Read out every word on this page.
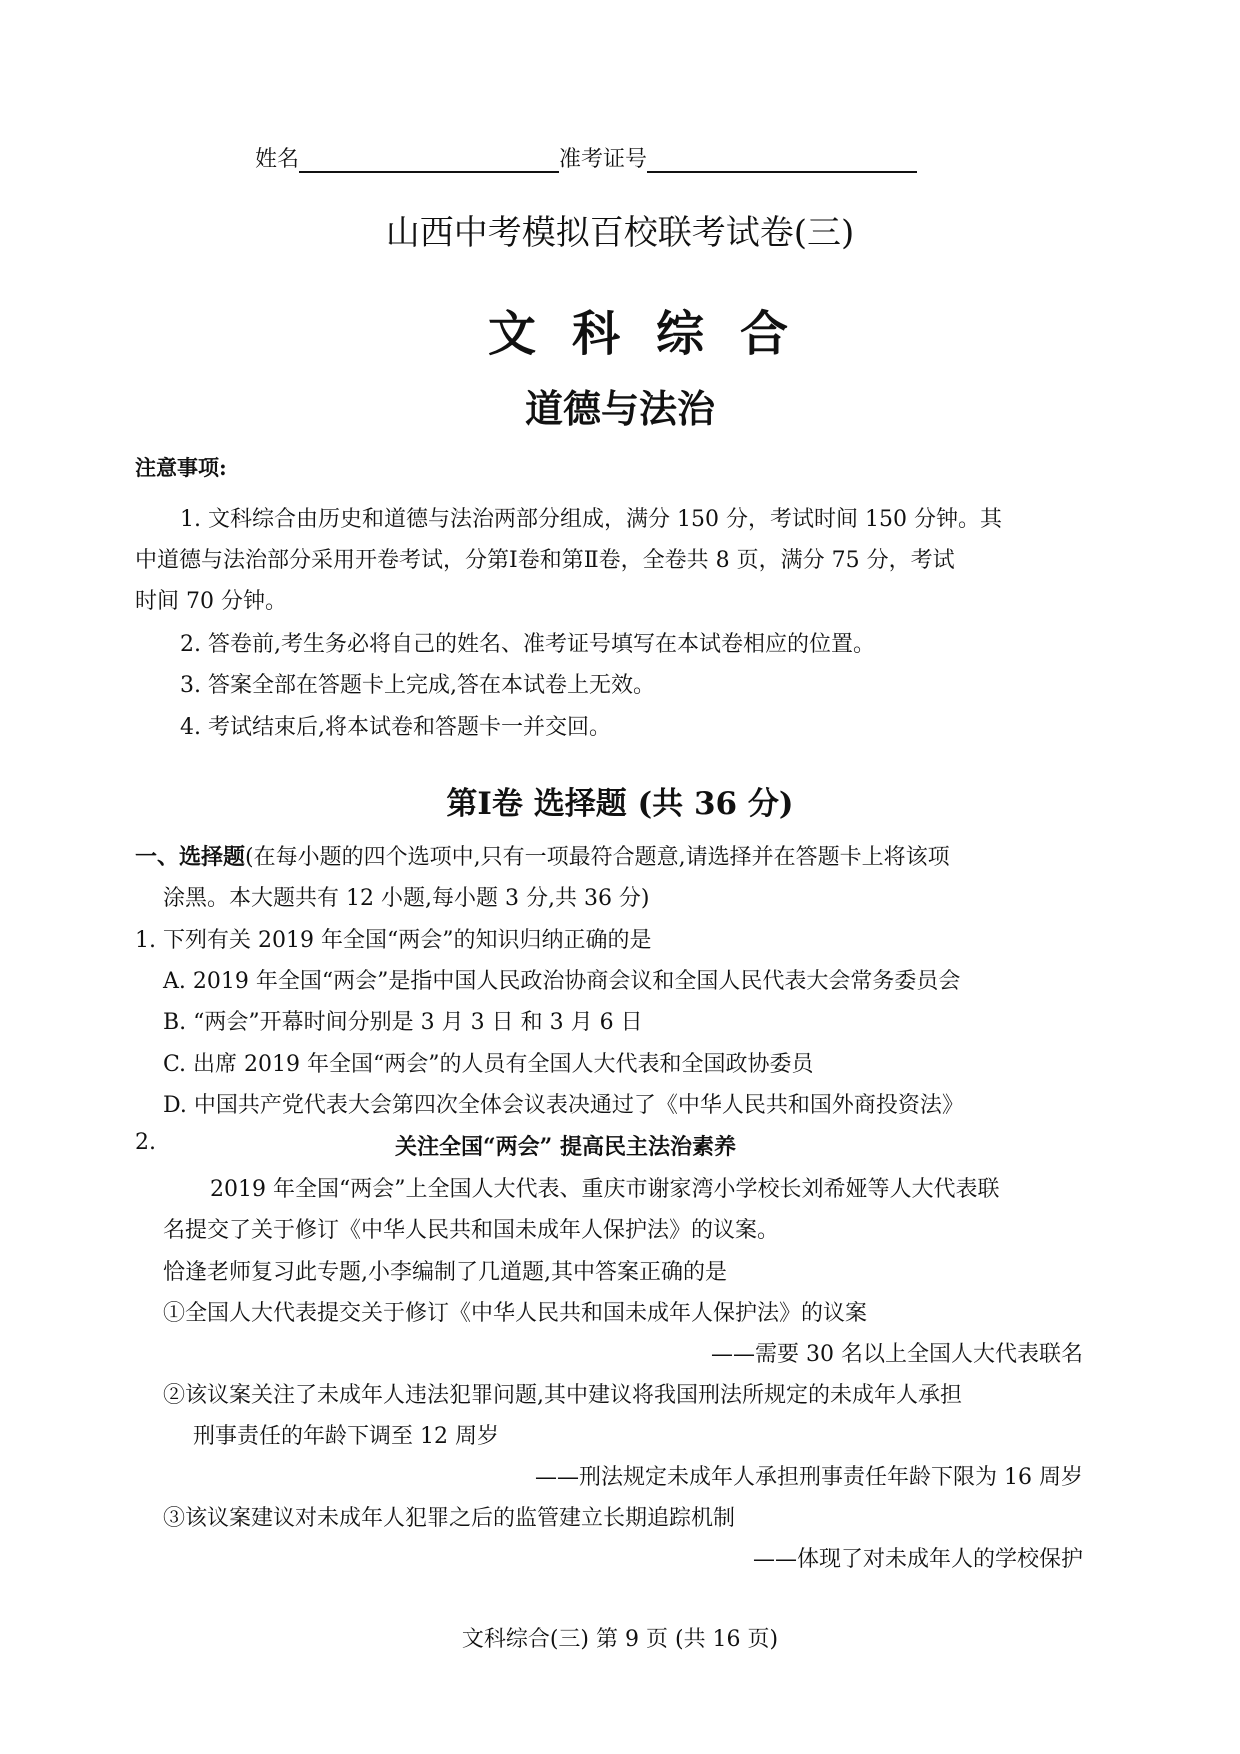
姓名	准考证号
山西中考模拟百校联考试卷(三)
文科综合
道德与法治
注意事项:
1. 文科综合由历史和道德与法治两部分组成，满分 150 分，考试时间 150 分钟。其
中道德与法治部分采用开卷考试，分第Ⅰ卷和第Ⅱ卷，全卷共 8 页，满分 75 分，考试
时间 70 分钟。
2. 答卷前,考生务必将自己的姓名、准考证号填写在本试卷相应的位置。
3. 答案全部在答题卡上完成,答在本试卷上无效。
4. 考试结束后,将本试卷和答题卡一并交回。
第Ⅰ卷 选择题 (共 36 分)
一、选择题(在每小题的四个选项中,只有一项最符合题意,请选择并在答题卡上将该项
涂黑。本大题共有 12 小题,每小题 3 分,共 36 分)
1. 下列有关 2019 年全国“两会”的知识归纳正确的是
A. 2019 年全国“两会”是指中国人民政治协商会议和全国人民代表大会常务委员会
B. “两会”开幕时间分别是 3 月 3 日 和 3 月 6 日
C. 出席 2019 年全国“两会”的人员有全国人大代表和全国政协委员
D. 中国共产党代表大会第四次全体会议表决通过了《中华人民共和国外商投资法》
2.	关注全国“两会” 提高民主法治素养
2019 年全国“两会”上全国人大代表、重庆市谢家湾小学校长刘希娅等人大代表联
名提交了关于修订《中华人民共和国未成年人保护法》的议案。
恰逢老师复习此专题,小李编制了几道题,其中答案正确的是
①全国人大代表提交关于修订《中华人民共和国未成年人保护法》的议案
——需要 30 名以上全国人大代表联名
②该议案关注了未成年人违法犯罪问题,其中建议将我国刑法所规定的未成年人承担
刑事责任的年龄下调至 12 周岁
——刑法规定未成年人承担刑事责任年龄下限为 16 周岁
③该议案建议对未成年人犯罪之后的监管建立长期追踪机制
——体现了对未成年人的学校保护
文科综合(三) 第 9 页 (共 16 页)
